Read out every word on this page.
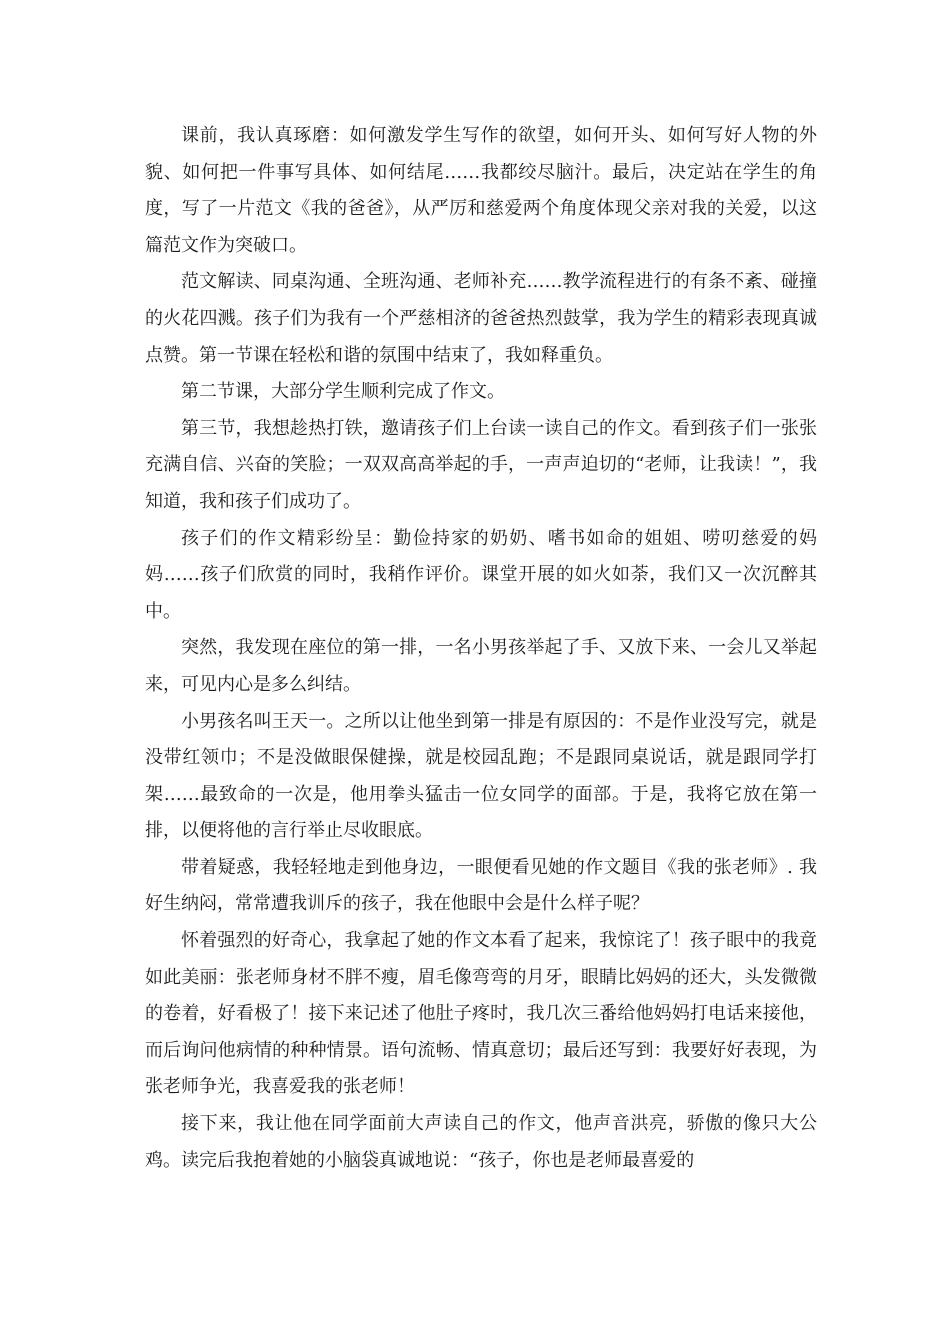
课前，我认真琢磨：如何激发学生写作的欲望，如何开头、如何写好人物的外貌、如何把一件事写具体、如何结尾……我都绞尽脑汁。最后，决定站在学生的角度，写了一片范文《我的爸爸》，从严厉和慈爱两个角度体现父亲对我的关爱，以这篇范文作为突破口。

范文解读、同桌沟通、全班沟通、老师补充……教学流程进行的有条不紊、碰撞的火花四溅。孩子们为我有一个严慈相济的爸爸热烈鼓掌，我为学生的精彩表现真诚点赞。第一节课在轻松和谐的氛围中结束了，我如释重负。

第二节课，大部分学生顺利完成了作文。

第三节，我想趁热打铁，邀请孩子们上台读一读自己的作文。看到孩子们一张张充满自信、兴奋的笑脸；一双双高高举起的手，一声声迫切的“老师，让我读！”，我知道，我和孩子们成功了。

孩子们的作文精彩纷呈：勤俭持家的奶奶、嗜书如命的姐姐、唠叨慈爱的妈妈……孩子们欣赏的同时，我稍作评价。课堂开展的如火如荼，我们又一次沉醉其中。

突然，我发现在座位的第一排，一名小男孩举起了手、又放下来、一会儿又举起来，可见内心是多么纠结。

小男孩名叫王天一。之所以让他坐到第一排是有原因的：不是作业没写完，就是没带红领巾；不是没做眼保健操，就是校园乱跑；不是跟同桌说话，就是跟同学打架……最致命的一次是，他用拳头猛击一位女同学的面部。于是，我将它放在第一排，以便将他的言行举止尽收眼底。

带着疑惑，我轻轻地走到他身边，一眼便看见她的作文题目《我的张老师》. 我好生纳闷，常常遭我训斥的孩子，我在他眼中会是什么样子呢？

怀着强烈的好奇心，我拿起了她的作文本看了起来，我惊诧了！孩子眼中的我竟如此美丽：张老师身材不胖不瘦，眉毛像弯弯的月牙，眼睛比妈妈的还大，头发微微的卷着，好看极了！接下来记述了他肚子疼时，我几次三番给他妈妈打电话来接他，而后询问他病情的种种情景。语句流畅、情真意切；最后还写到：我要好好表现，为张老师争光，我喜爱我的张老师！

接下来，我让他在同学面前大声读自己的作文，他声音洪亮，骄傲的像只大公鸡。读完后我抱着她的小脑袋真诚地说：“孩子，你也是老师最喜爱的
